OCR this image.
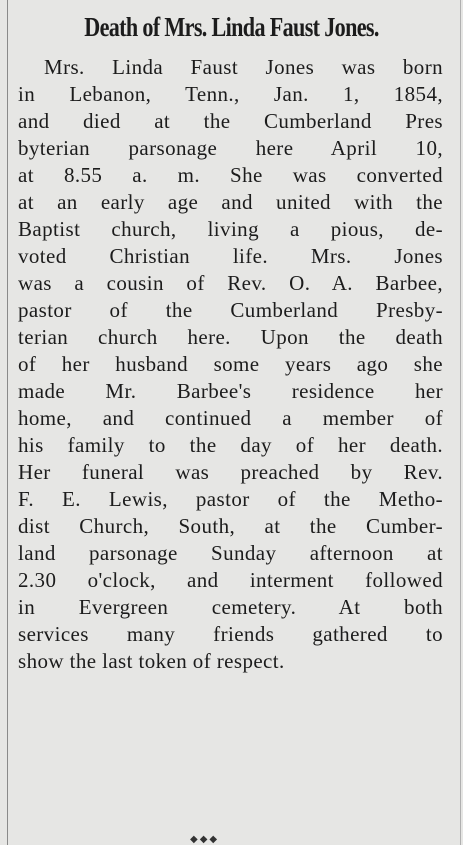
Death of Mrs. Linda Faust Jones.
Mrs. Linda Faust Jones was born
in Lebanon, Tenn., Jan. 1, 1854,
and died at the Cumberland Pres
byterian parsonage here April 10,
at 8.55 a. m. She was converted
at an early age and united with the
Baptist church, living a pious, de-
voted Christian life. Mrs. Jones
was a cousin of Rev. O. A. Barbee,
pastor of the Cumberland Presby-
terian church here. Upon the death
of her husband some years ago she
made Mr. Barbee's residence her
home, and continued a member of
his family to the day of her death.
Her funeral was preached by Rev.
F. E. Lewis, pastor of the Metho-
dist Church, South, at the Cumber-
land parsonage Sunday afternoon at
2.30 o'clock, and interment followed
in Evergreen cemetery. At both
services many friends gathered to
show the last token of respect.
◆◆◆
